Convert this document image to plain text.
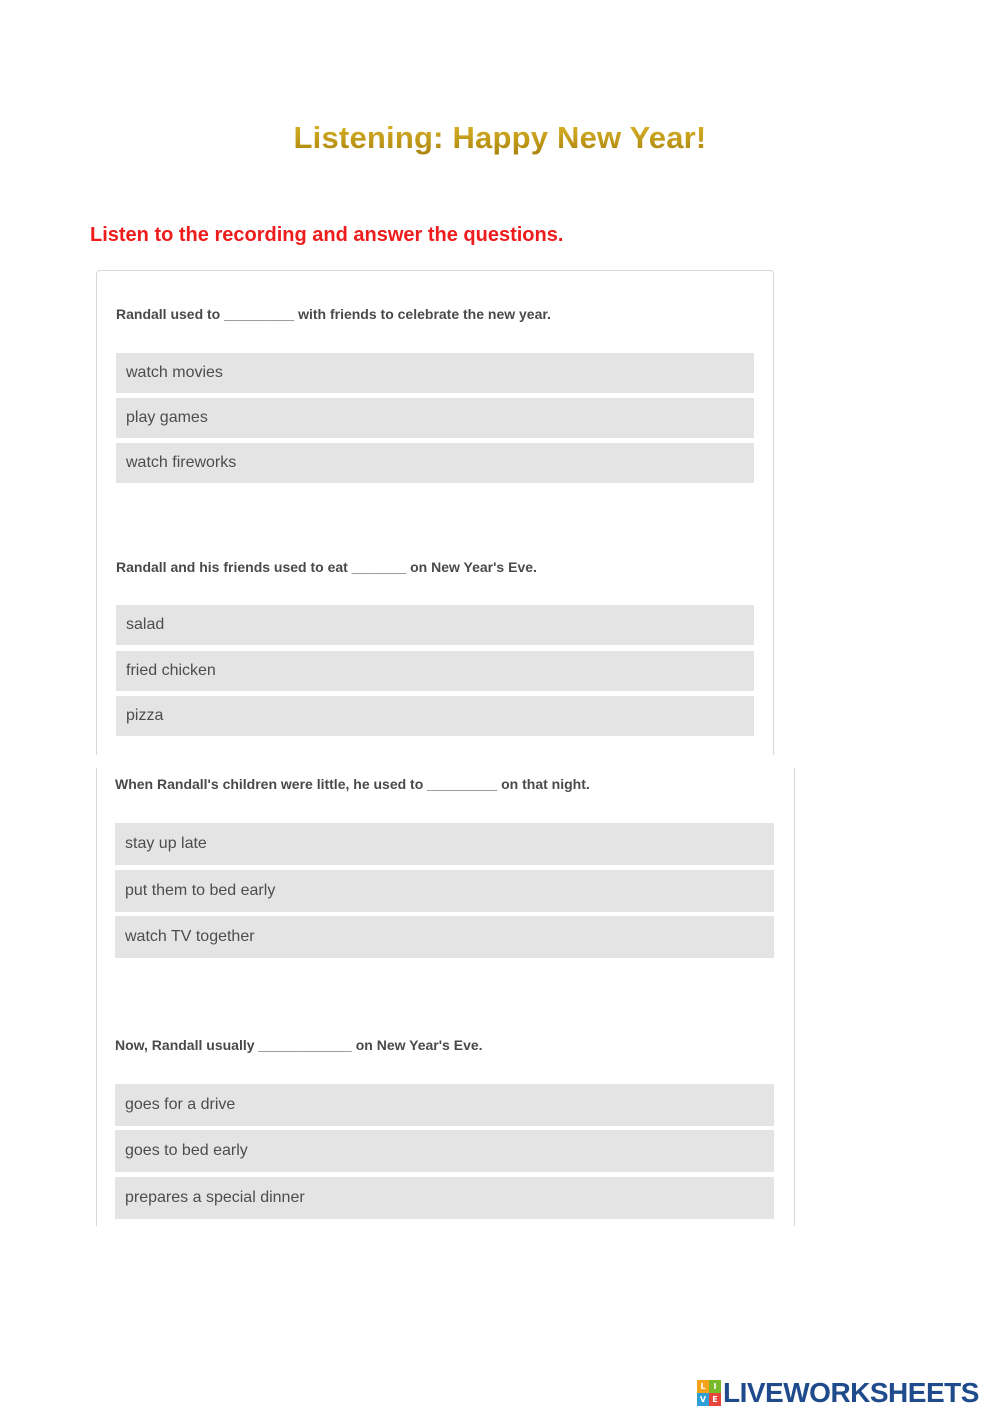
Listening: Happy New Year!
Listen to the recording and answer the questions.
Randall used to _________ with friends to celebrate the new year.
watch movies
play games
watch fireworks
Randall and his friends used to eat _______ on New Year's Eve.
salad
fried chicken
pizza
When Randall's children were little, he used to _________ on that night.
stay up late
put them to bed early
watch TV together
Now, Randall usually ____________ on New Year's Eve.
goes for a drive
goes to bed early
prepares a special dinner
L I
V E LIVEWORKSHEETS
